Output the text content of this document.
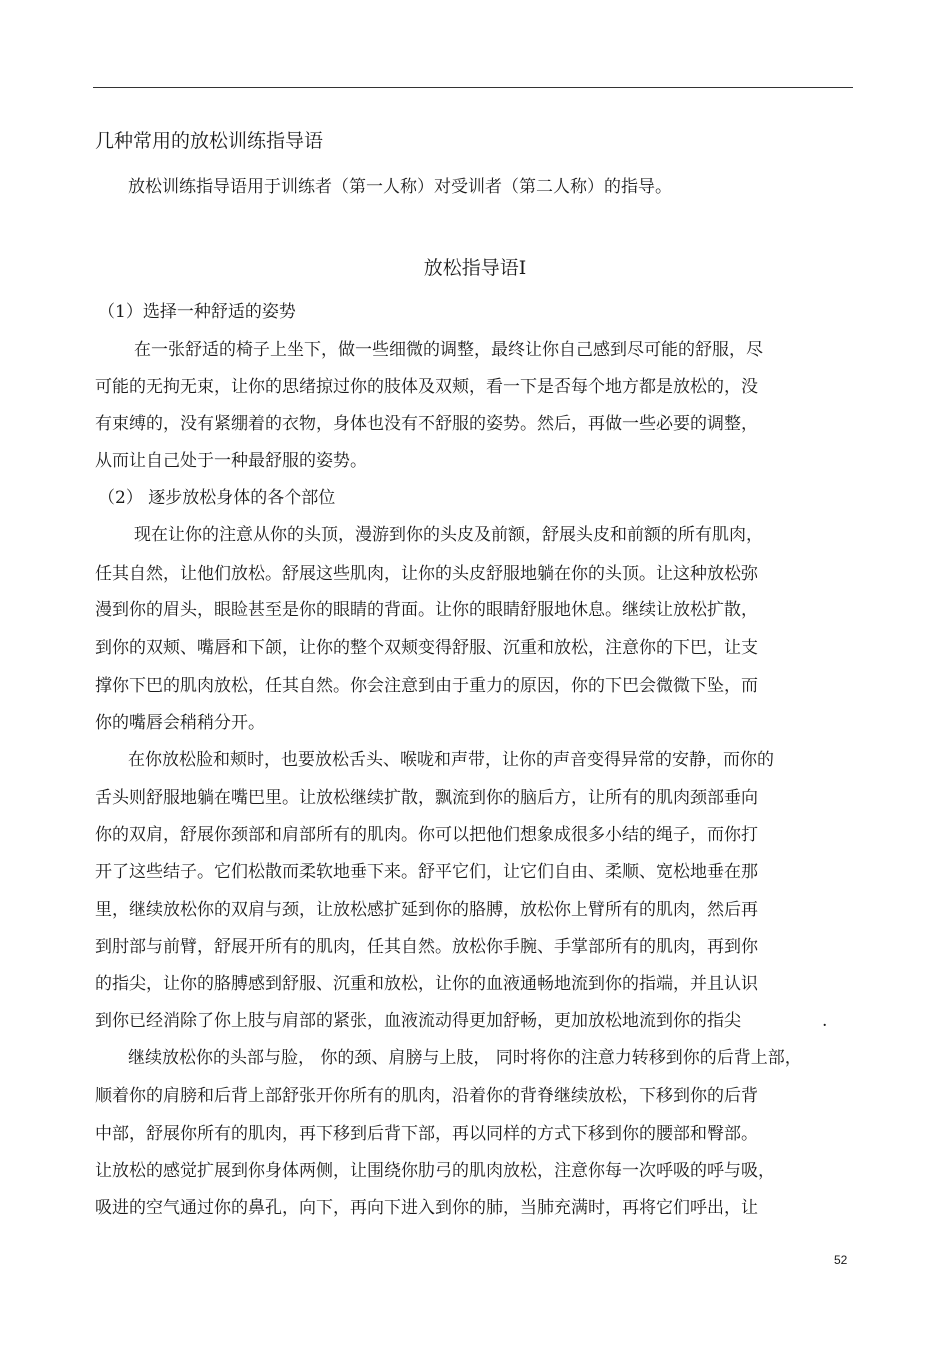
几种常用的放松训练指导语
放松训练指导语用于训练者（第一人称）对受训者（第二人称）的指导。
放松指导语Ⅰ
（1）选择一种舒适的姿势
在一张舒适的椅子上坐下，做一些细微的调整，最终让你自己感到尽可能的舒服，尽
可能的无拘无束，让你的思绪掠过你的肢体及双颊，看一下是否每个地方都是放松的，没
有束缚的，没有紧绷着的衣物，身体也没有不舒服的姿势。然后，再做一些必要的调整，
从而让自己处于一种最舒服的姿势。
（2） 逐步放松身体的各个部位
现在让你的注意从你的头顶，漫游到你的头皮及前额，舒展头皮和前额的所有肌肉，
任其自然，让他们放松。舒展这些肌肉，让你的头皮舒服地躺在你的头顶。让这种放松弥
漫到你的眉头，眼睑甚至是你的眼睛的背面。让你的眼睛舒服地休息。继续让放松扩散，
到你的双颊、嘴唇和下颌，让你的整个双颊变得舒服、沉重和放松，注意你的下巴，让支
撑你下巴的肌肉放松，任其自然。你会注意到由于重力的原因，你的下巴会微微下坠，而
你的嘴唇会稍稍分开。
在你放松脸和颊时，也要放松舌头、喉咙和声带，让你的声音变得异常的安静，而你的
舌头则舒服地躺在嘴巴里。让放松继续扩散，飘流到你的脑后方，让所有的肌肉颈部垂向
你的双肩，舒展你颈部和肩部所有的肌肉。你可以把他们想象成很多小结的绳子，而你打
开了这些结子。它们松散而柔软地垂下来。舒平它们，让它们自由、柔顺、宽松地垂在那
里，继续放松你的双肩与颈，让放松感扩延到你的胳膊，放松你上臂所有的肌肉，然后再
到肘部与前臂，舒展开所有的肌肉，任其自然。放松你手腕、手掌部所有的肌肉，再到你
的指尖，让你的胳膊感到舒服、沉重和放松，让你的血液通畅地流到你的指端，并且认识
到你已经消除了你上肢与肩部的紧张，血液流动得更加舒畅，更加放松地流到你的指尖	.
继续放松你的头部与脸， 你的颈、肩膀与上肢， 同时将你的注意力转移到你的后背上部，
顺着你的肩膀和后背上部舒张开你所有的肌肉，沿着你的背脊继续放松，下移到你的后背
中部，舒展你所有的肌肉，再下移到后背下部，再以同样的方式下移到你的腰部和臀部。
让放松的感觉扩展到你身体两侧，让围绕你肋弓的肌肉放松，注意你每一次呼吸的呼与吸，
吸进的空气通过你的鼻孔，向下，再向下进入到你的肺，当肺充满时，再将它们呼出，让
52
